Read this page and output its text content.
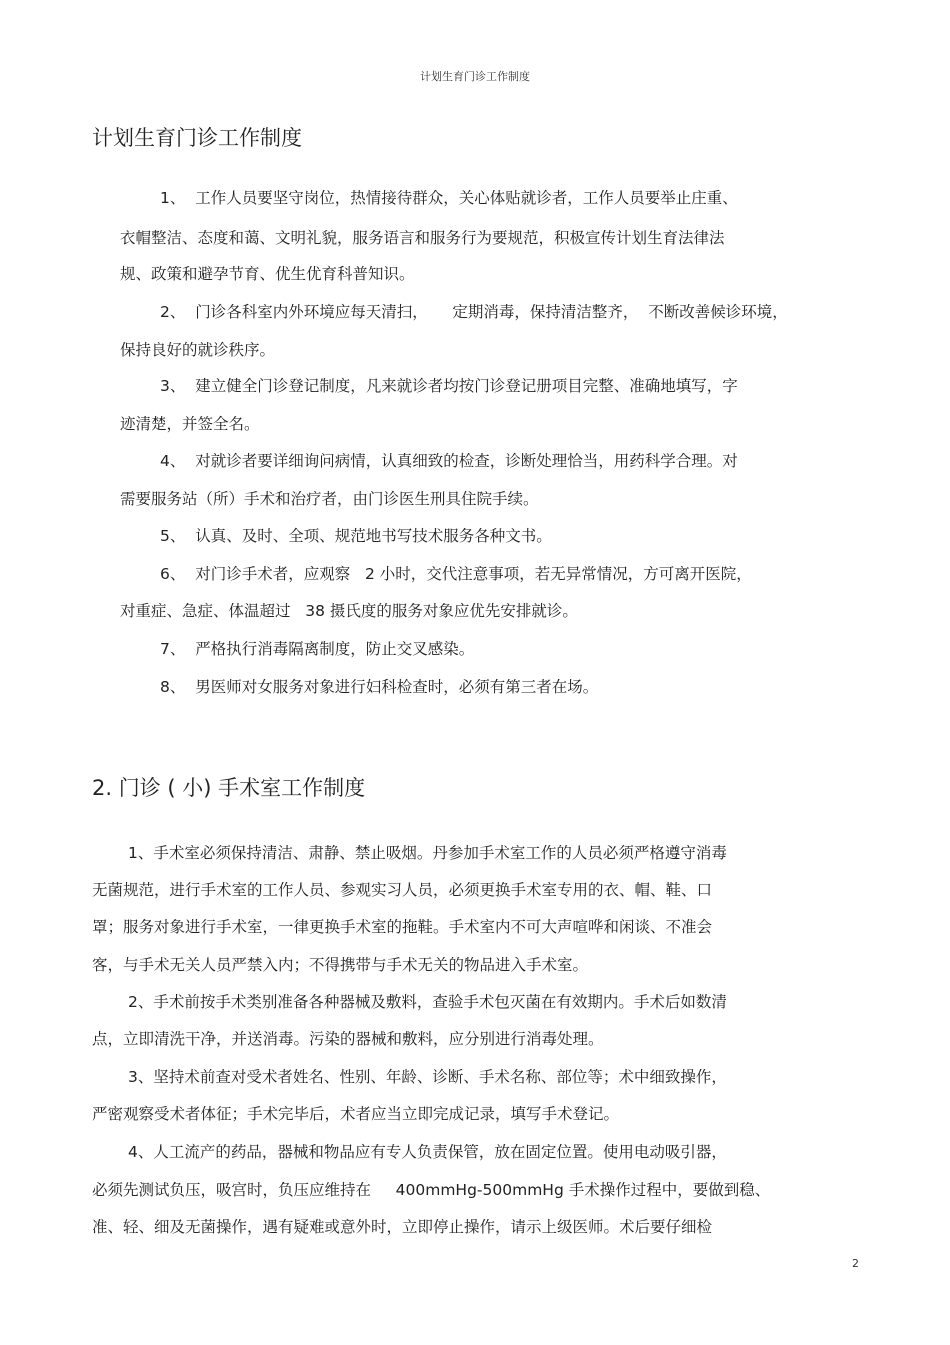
计划生育门诊工作制度
计划生育门诊工作制度
1、  工作人员要坚守岗位，热情接待群众，关心体贴就诊者，工作人员要举止庄重、
衣帽整洁、态度和蔼、文明礼貌，服务语言和服务行为要规范，积极宣传计划生育法律法
规、政策和避孕节育、优生优育科普知识。
2、  门诊各科室内外环境应每天清扫，     定期消毒，保持清洁整齐，  不断改善候诊环境，
保持良好的就诊秩序。
3、  建立健全门诊登记制度，凡来就诊者均按门诊登记册项目完整、准确地填写，字
迹清楚，并签全名。
4、  对就诊者要详细询问病情，认真细致的检查，诊断处理恰当，用药科学合理。对
需要服务站（所）手术和治疗者，由门诊医生刑具住院手续。
5、  认真、及时、全项、规范地书写技术服务各种文书。
6、  对门诊手术者，应观察   2 小时，交代注意事项，若无异常情况，方可离开医院，
对重症、急症、体温超过   38 摄氏度的服务对象应优先安排就诊。
7、  严格执行消毒隔离制度，防止交叉感染。
8、  男医师对女服务对象进行妇科检查时，必须有第三者在场。
2. 门诊 ( 小) 手术室工作制度
1、手术室必须保持清洁、肃静、禁止吸烟。丹参加手术室工作的人员必须严格遵守消毒
无菌规范，进行手术室的工作人员、参观实习人员，必须更换手术室专用的衣、帽、鞋、口
罩；服务对象进行手术室，一律更换手术室的拖鞋。手术室内不可大声喧哗和闲谈、不准会
客，与手术无关人员严禁入内；不得携带与手术无关的物品进入手术室。
2、手术前按手术类别准备各种器械及敷料，查验手术包灭菌在有效期内。手术后如数清
点，立即清洗干净，并送消毒。污染的器械和敷料，应分别进行消毒处理。
3、坚持术前查对受术者姓名、性别、年龄、诊断、手术名称、部位等；术中细致操作，
严密观察受术者体征；手术完毕后，术者应当立即完成记录，填写手术登记。
4、人工流产的药品，器械和物品应有专人负责保管，放在固定位置。使用电动吸引器，
必须先测试负压，吸宫时，负压应维持在     400mmHg-500mmHg 手术操作过程中，要做到稳、
准、轻、细及无菌操作，遇有疑难或意外时，立即停止操作，请示上级医师。术后要仔细检
2
